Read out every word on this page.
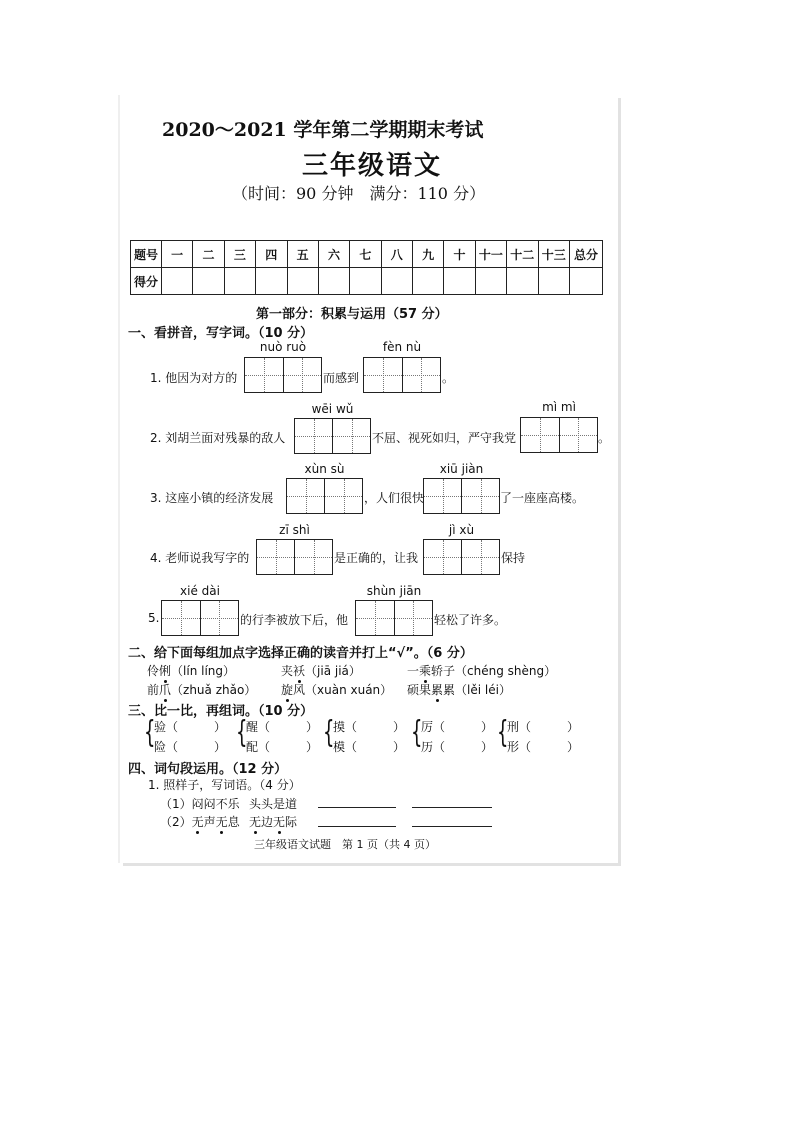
2020～2021 学年第二学期期末考试
三年级语文
（时间：90 分钟　满分：110 分）
题号	一	二	三	四	五	六	七	八	九	十	十一	十二	十三	总分
得分														
第一部分：积累与运用（57 分）
一、看拼音，写字词。（10 分）
nuò ruò
1. 他因为对方的	而感到
fèn nù
。
wēi wǔ
2. 刘胡兰面对残暴的敌人	不屈、视死如归，严守我党
mì mì
。
xùn sù
3. 这座小镇的经济发展	，人们很快
xiū jiàn
了一座座高楼。
zī shì
4. 老师说我写字的	是正确的，让我
jì xù
保持
xié dài
5.	的行李被放下后，他
shùn jiān
轻松了许多。
二、给下面每组加点字选择正确的读音并打上“√”。（6 分）
伶俐（lín líng）	夹袄（jiā jiá）	一乘轿子（chéng shèng）
前爪（zhuǎ zhǎo） 旋风（xuàn xuán） 硕果累累（lěi léi）
三、比一比，再组词。（10 分）
{
验（　　　）
险（　　　） {
醒（　　　）
配（　　　） {
摸（　　　）
模（　　　） {
厉（　　　）
历（　　　） {
刑（　　　）
形（　　　）
四、词句段运用。（12 分）
1. 照样子，写词语。（4 分）
（1）闷闷不乐 头头是道
（2）无声无息 无边无际
三年级语文试题　第 1 页（共 4 页）
